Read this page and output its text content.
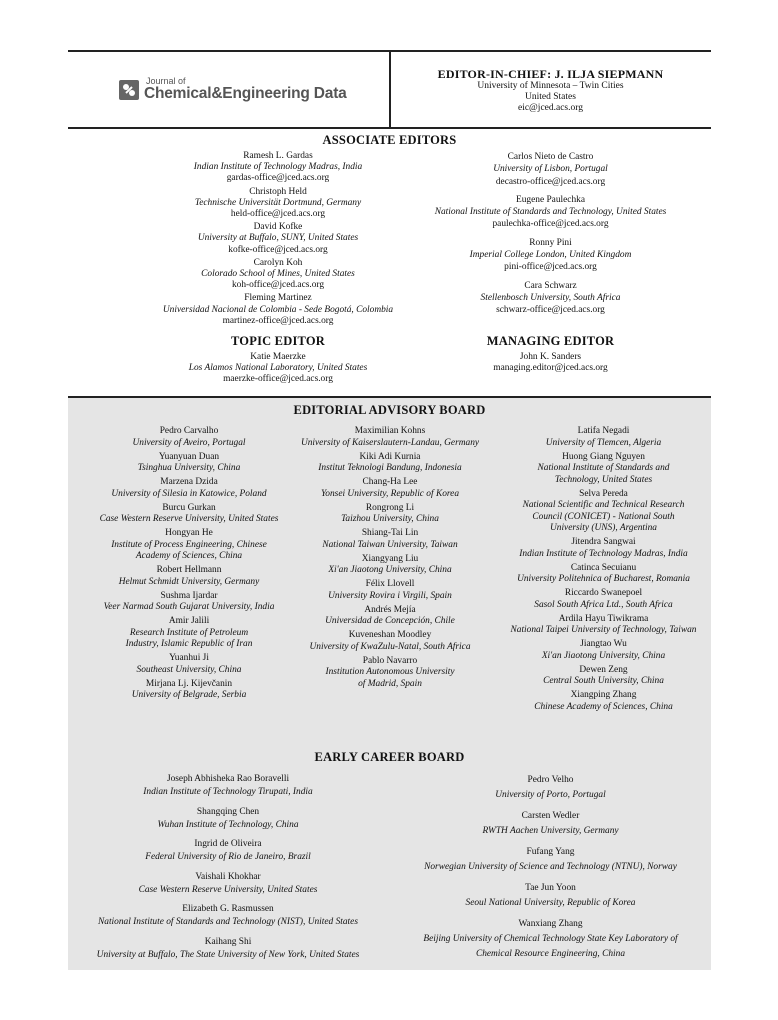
Journal of
Chemical&Engineering Data
EDITOR-IN-CHIEF: J. ILJA SIEPMANN
University of Minnesota – Twin Cities
United States
eic@jced.acs.org
ASSOCIATE EDITORS
Ramesh L. Gardas
Indian Institute of Technology Madras, India
gardas-office@jced.acs.org
Christoph Held
Technische Universität Dortmund, Germany
held-office@jced.acs.org
David Kofke
University at Buffalo, SUNY, United States
kofke-office@jced.acs.org
Carolyn Koh
Colorado School of Mines, United States
koh-office@jced.acs.org
Fleming Martinez
Universidad Nacional de Colombia - Sede Bogotá, Colombia
martinez-office@jced.acs.org
Carlos Nieto de Castro
University of Lisbon, Portugal
decastro-office@jced.acs.org
Eugene Paulechka
National Institute of Standards and Technology, United States
paulechka-office@jced.acs.org
Ronny Pini
Imperial College London, United Kingdom
pini-office@jced.acs.org
Cara Schwarz
Stellenbosch University, South Africa
schwarz-office@jced.acs.org
TOPIC EDITOR
Katie Maerzke
Los Alamos National Laboratory, United States
maerzke-office@jced.acs.org
MANAGING EDITOR
John K. Sanders
managing.editor@jced.acs.org
EDITORIAL ADVISORY BOARD
Pedro Carvalho
University of Aveiro, Portugal
Yuanyuan Duan
Tsinghua University, China
Marzena Dzida
University of Silesia in Katowice, Poland
Burcu Gurkan
Case Western Reserve University, United States
Hongyan He
Institute of Process Engineering, Chinese
Academy of Sciences, China
Robert Hellmann
Helmut Schmidt University, Germany
Sushma Ijardar
Veer Narmad South Gujarat University, India
Amir Jalili
Research Institute of Petroleum
Industry, Islamic Republic of Iran
Yuanhui Ji
Southeast University, China
Mirjana Lj. Kijevčanin
University of Belgrade, Serbia
Maximilian Kohns
University of Kaiserslautern-Landau, Germany
Kiki Adi Kurnia
Institut Teknologi Bandung, Indonesia
Chang-Ha Lee
Yonsei University, Republic of Korea
Rongrong Li
Taizhou University, China
Shiang-Tai Lin
National Taiwan University, Taiwan
Xiangyang Liu
Xi'an Jiaotong University, China
Félix Llovell
University Rovira i Virgili, Spain
Andrés Mejía
Universidad de Concepción, Chile
Kuveneshan Moodley
University of KwaZulu-Natal, South Africa
Pablo Navarro
Institution Autonomous University
of Madrid, Spain
Latifa Negadi
University of Tlemcen, Algeria
Huong Giang Nguyen
National Institute of Standards and
Technology, United States
Selva Pereda
National Scientific and Technical Research
Council (CONICET) - National South
University (UNS), Argentina
Jitendra Sangwai
Indian Institute of Technology Madras, India
Catinca Secuianu
University Politehnica of Bucharest, Romania
Riccardo Swanepoel
Sasol South Africa Ltd., South Africa
Ardila Hayu Tiwikrama
National Taipei University of Technology, Taiwan
Jiangtao Wu
Xi'an Jiaotong University, China
Dewen Zeng
Central South University, China
Xiangping Zhang
Chinese Academy of Sciences, China
EARLY CAREER BOARD
Joseph Abhisheka Rao Boravelli
Indian Institute of Technology Tirupati, India
Shangqing Chen
Wuhan Institute of Technology, China
Ingrid de Oliveira
Federal University of Rio de Janeiro, Brazil
Vaishali Khokhar
Case Western Reserve University, United States
Elizabeth G. Rasmussen
National Institute of Standards and Technology (NIST), United States
Kaihang Shi
University at Buffalo, The State University of New York, United States
Pedro Velho
University of Porto, Portugal
Carsten Wedler
RWTH Aachen University, Germany
Fufang Yang
Norwegian University of Science and Technology (NTNU), Norway
Tae Jun Yoon
Seoul National University, Republic of Korea
Wanxiang Zhang
Beijing University of Chemical Technology State Key Laboratory of
Chemical Resource Engineering, China
